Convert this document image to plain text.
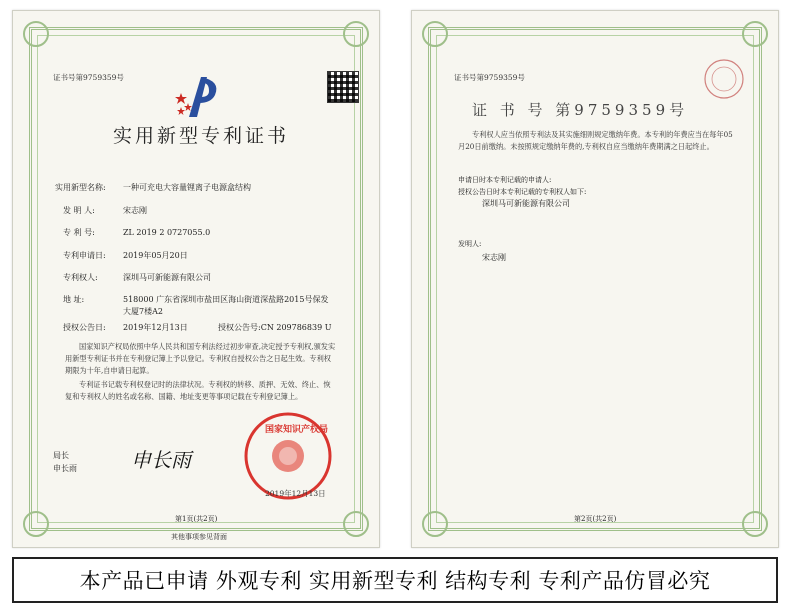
证书号第9759359号
实用新型专利证书
实用新型名称: 一种可充电大容量锂离子电源盒结构
发 明 人:	宋志刚
专 利 号:	ZL 2019 2 0727055.0
专利申请日: 2019年05月20日
专利权人:	深圳马可新能源有限公司
地 址:	518000 广东省深圳市盐田区海山街道深盐路2015号保发
大厦7楼A2
授权公告日: 2019年12月13日	授权公告号:CN 209786839 U
国家知识产权局依照中华人民共和国专利法经过初步审查,决定授予专利权,颁发实用新型专利证书并在专利登记簿上予以登记。专利权自授权公告之日起生效。专利权期限为十年,自申请日起算。
专利证书记载专利权登记时的法律状况。专利权的转移、质押、无效、终止、恢复和专利权人的姓名或名称、国籍、地址变更等事项记载在专利登记簿上。
局长
申长雨	申长雨
国家知识产权局
2019年12月13日
第1页(共2页)
其他事项参见背面
证书号第9759359号
证 书 号 第9759359号
专利权人应当依照专利法及其实施细则规定缴纳年费。本专利的年费应当在每年05月20日前缴纳。未按照规定缴纳年费的,专利权自应当缴纳年费期满之日起终止。
申请日时本专利记载的申请人:
授权公告日时本专利记载的专利权人如下:
深圳马可新能源有限公司
发明人:
宋志刚
第2页(共2页)
本产品已申请 外观专利 实用新型专利 结构专利 专利产品仿冒必究
